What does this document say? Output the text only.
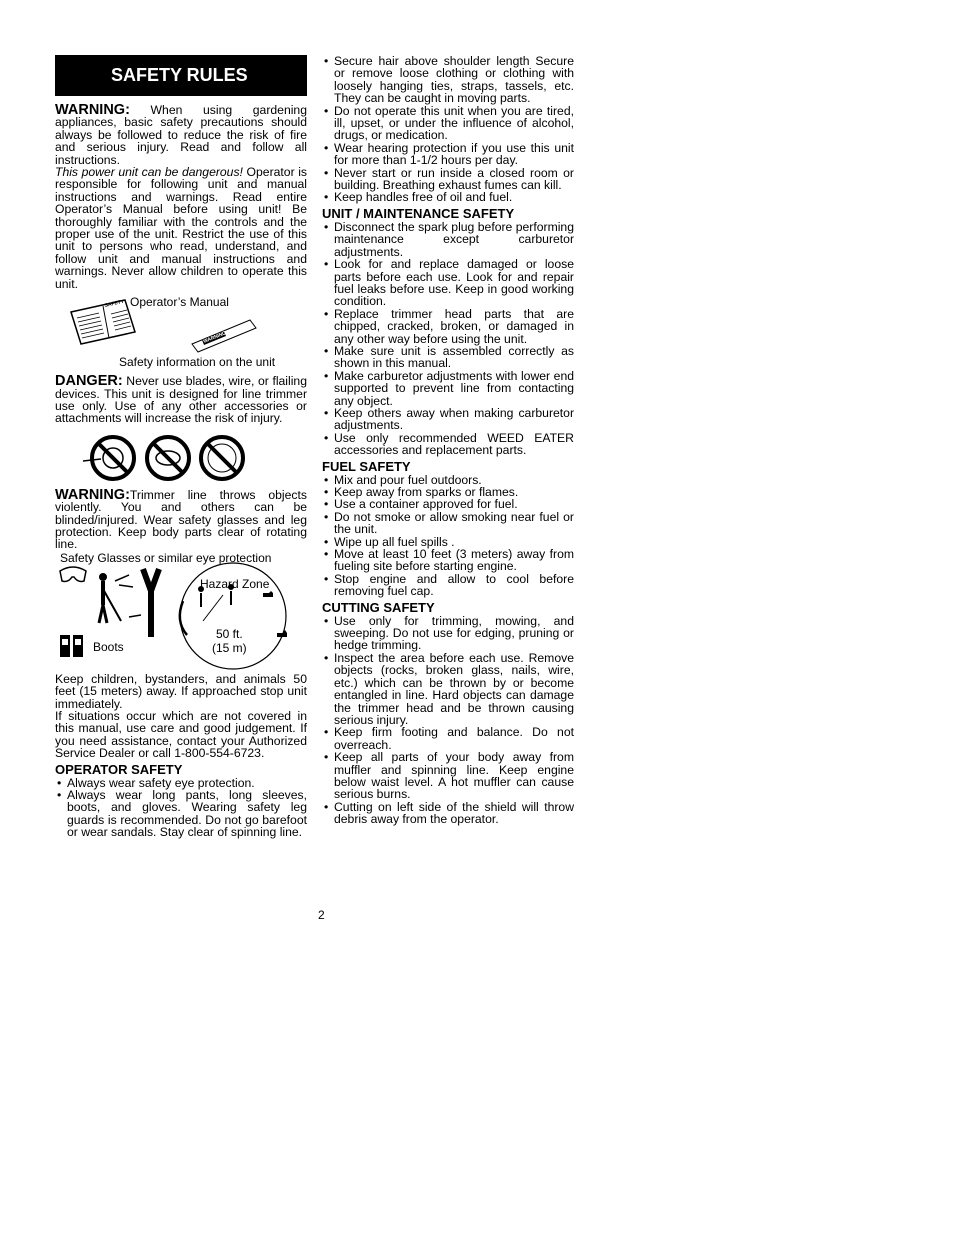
SAFETY RULES

WARNING: When using gardening appliances, basic safety precautions should always be followed to reduce the risk of fire and serious injury. Read and follow all instructions.

This power unit can be dangerous! Operator is responsible for following unit and manual instructions and warnings. Read entire Operator’s Manual before using unit! Be thoroughly familiar with the controls and the proper use of the unit. Restrict the use of this unit to persons who read, understand, and follow unit and manual instructions and warnings. Never allow children to operate this unit.

SAFETY Operator’s Manual
WARNING
Safety information on the unit

DANGER: Never use blades, wire, or flailing devices. This unit is designed for line trimmer use only. Use of any other accessories or attachments will increase the risk of injury.

WARNING:Trimmer line throws objects violently. You and others can be blinded/injured. Wear safety glasses and leg protection. Keep body parts clear of rotating line.

Safety Glasses or similar eye protection
Hazard Zone
Boots
50 ft.
(15 m)

Keep children, bystanders, and animals 50 feet (15 meters) away. If approached stop unit immediately.

If situations occur which are not covered in this manual, use care and good judgement. If you need assistance, contact your Authorized Service Dealer or call 1-800-554-6723.

OPERATOR SAFETY
• Always wear safety eye protection.
• Always wear long pants, long sleeves, boots, and gloves. Wearing safety leg guards is recommended. Do not go barefoot or wear sandals. Stay clear of spinning line.
• Secure hair above shoulder length Secure or remove loose clothing or clothing with loosely hanging ties, straps, tassels, etc. They can be caught in moving parts.
• Do not operate this unit when you are tired, ill, upset, or under the influence of alcohol, drugs, or medication.
• Wear hearing protection if you use this unit for more than 1-1/2 hours per day.
• Never start or run inside a closed room or building. Breathing exhaust fumes can kill.
• Keep handles free of oil and fuel.
UNIT / MAINTENANCE SAFETY
• Disconnect the spark plug before performing maintenance except carburetor adjustments.
• Look for and replace damaged or loose parts before each use. Look for and repair fuel leaks before use. Keep in good working condition.
• Replace trimmer head parts that are chipped, cracked, broken, or damaged in any other way before using the unit.
• Make sure unit is assembled correctly as shown in this manual.
• Make carburetor adjustments with lower end supported to prevent line from contacting any object.
• Keep others away when making carburetor adjustments.
• Use only recommended WEED EATER accessories and replacement parts.
FUEL SAFETY
• Mix and pour fuel outdoors.
• Keep away from sparks or flames.
• Use a container approved for fuel.
• Do not smoke or allow smoking near fuel or the unit.
• Wipe up all fuel spills .
• Move at least 10 feet (3 meters) away from fueling site before starting engine.
• Stop engine and allow to cool before removing fuel cap.
CUTTING SAFETY
• Use only for trimming, mowing, and sweeping. Do not use for edging, pruning or hedge trimming.
• Inspect the area before each use. Remove objects (rocks, broken glass, nails, wire, etc.) which can be thrown by or become entangled in line. Hard objects can damage the trimmer head and be thrown causing serious injury.
• Keep firm footing and balance. Do not overreach.
• Keep all parts of your body away from muffler and spinning line. Keep engine below waist level. A hot muffler can cause serious burns.
• Cutting on left side of the shield will throw debris away from the operator.
2
